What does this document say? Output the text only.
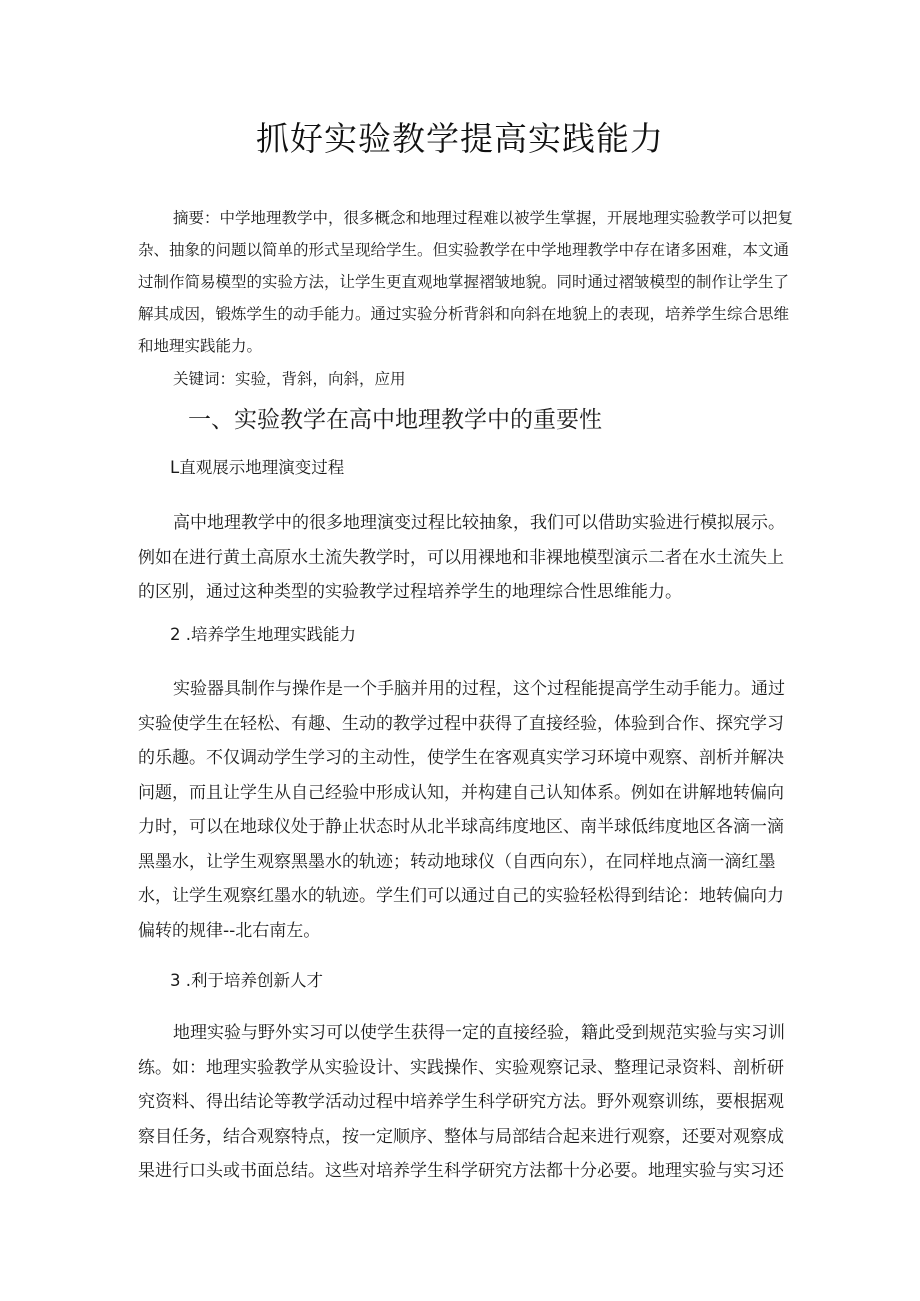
抓好实验教学提高实践能力

摘要：中学地理教学中，很多概念和地理过程难以被学生掌握，开展地理实验教学可以把复杂、抽象的问题以简单的形式呈现给学生。但实验教学在中学地理教学中存在诸多困难，本文通过制作简易模型的实验方法，让学生更直观地掌握褶皱地貌。同时通过褶皱模型的制作让学生了解其成因，锻炼学生的动手能力。通过实验分析背斜和向斜在地貌上的表现，培养学生综合思维和地理实践能力。

关键词：实验，背斜，向斜，应用

一、实验教学在高中地理教学中的重要性

L直观展示地理演变过程

高中地理教学中的很多地理演变过程比较抽象，我们可以借助实验进行模拟展示。例如在进行黄土高原水土流失教学时，可以用裸地和非裸地模型演示二者在水土流失上的区别，通过这种类型的实验教学过程培养学生的地理综合性思维能力。

2 .培养学生地理实践能力

实验器具制作与操作是一个手脑并用的过程，这个过程能提高学生动手能力。通过实验使学生在轻松、有趣、生动的教学过程中获得了直接经验，体验到合作、探究学习的乐趣。不仅调动学生学习的主动性，使学生在客观真实学习环境中观察、剖析并解决问题，而且让学生从自己经验中形成认知，并构建自己认知体系。例如在讲解地转偏向力时，可以在地球仪处于静止状态时从北半球高纬度地区、南半球低纬度地区各滴一滴黑墨水，让学生观察黑墨水的轨迹；转动地球仪（自西向东），在同样地点滴一滴红墨水，让学生观察红墨水的轨迹。学生们可以通过自己的实验轻松得到结论：地转偏向力偏转的规律--北右南左。

3 .利于培养创新人才

地理实验与野外实习可以使学生获得一定的直接经验，籍此受到规范实验与实习训练。如：地理实验教学从实验设计、实践操作、实验观察记录、整理记录资料、剖析研究资料、得出结论等教学活动过程中培养学生科学研究方法。野外观察训练，要根据观察目任务，结合观察特点，按一定顺序、整体与局部结合起来进行观察，还要对观察成果进行口头或书面总结。这些对培养学生科学研究方法都十分必要。地理实验与实习还
